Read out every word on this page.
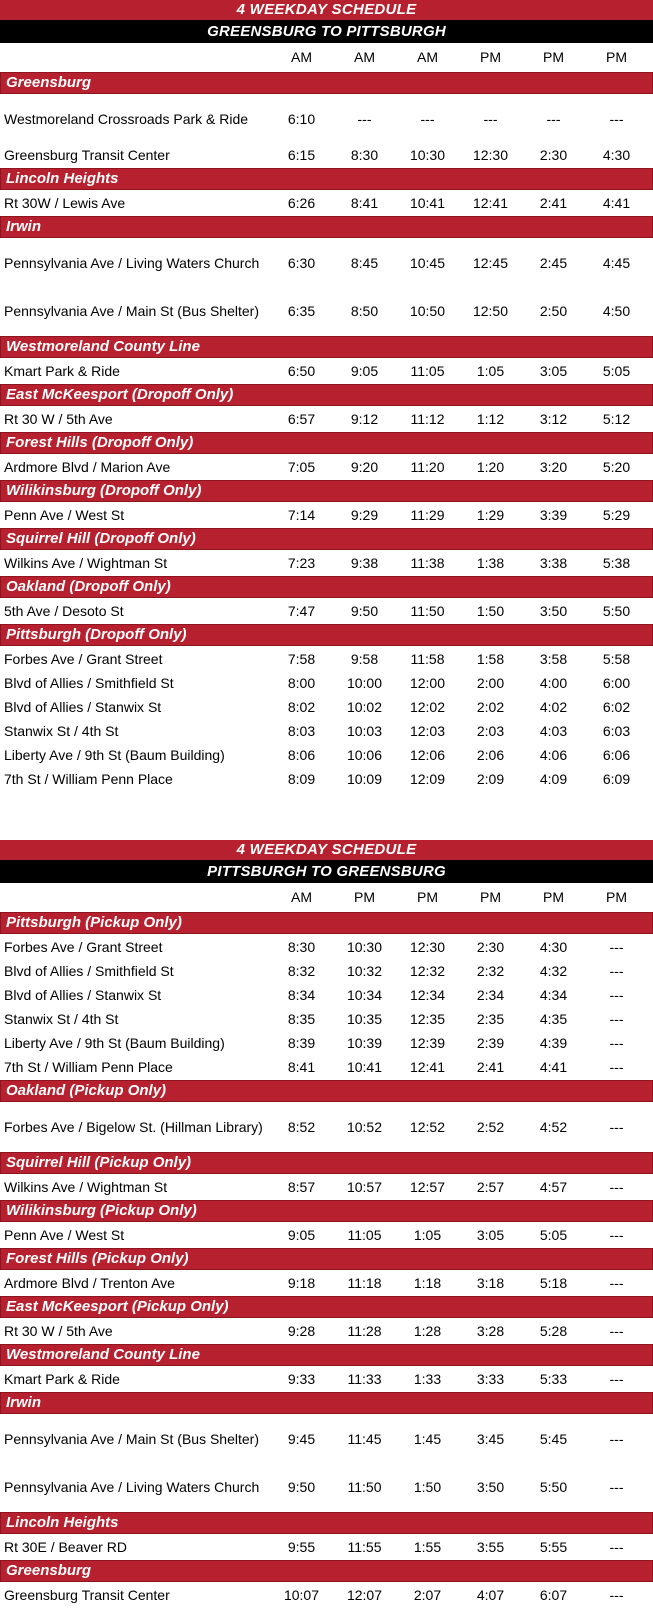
4 WEEKDAY SCHEDULE
GREENSBURG TO PITTSBURGH
AM	AM	AM	PM	PM	PM
Greensburg
Westmoreland Crossroads Park & Ride	6:10	---	---	---	---	---
Greensburg Transit Center	6:15	8:30	10:30	12:30	2:30	4:30
Lincoln Heights
Rt 30W / Lewis Ave	6:26	8:41	10:41	12:41	2:41	4:41
Irwin
Pennsylvania Ave / Living Waters Church	6:30	8:45	10:45	12:45	2:45	4:45
Pennsylvania Ave / Main St (Bus Shelter)	6:35	8:50	10:50	12:50	2:50	4:50
Westmoreland County Line
Kmart Park & Ride	6:50	9:05	11:05	1:05	3:05	5:05
East McKeesport (Dropoff Only)
Rt 30 W / 5th Ave	6:57	9:12	11:12	1:12	3:12	5:12
Forest Hills (Dropoff Only)
Ardmore Blvd / Marion Ave	7:05	9:20	11:20	1:20	3:20	5:20
Wilikinsburg (Dropoff Only)
Penn Ave / West St	7:14	9:29	11:29	1:29	3:39	5:29
Squirrel Hill (Dropoff Only)
Wilkins Ave / Wightman St	7:23	9:38	11:38	1:38	3:38	5:38
Oakland (Dropoff Only)
5th Ave / Desoto St	7:47	9:50	11:50	1:50	3:50	5:50
Pittsburgh (Dropoff Only)
Forbes Ave / Grant Street	7:58	9:58	11:58	1:58	3:58	5:58
Blvd of Allies / Smithfield St	8:00	10:00	12:00	2:00	4:00	6:00
Blvd of Allies / Stanwix St	8:02	10:02	12:02	2:02	4:02	6:02
Stanwix St / 4th St	8:03	10:03	12:03	2:03	4:03	6:03
Liberty Ave / 9th St (Baum Building)	8:06	10:06	12:06	2:06	4:06	6:06
7th St / William Penn Place	8:09	10:09	12:09	2:09	4:09	6:09
4 WEEKDAY SCHEDULE
PITTSBURGH TO GREENSBURG
AM	PM	PM	PM	PM	PM
Pittsburgh (Pickup Only)
Forbes Ave / Grant Street	8:30	10:30	12:30	2:30	4:30	---
Blvd of Allies / Smithfield St	8:32	10:32	12:32	2:32	4:32	---
Blvd of Allies / Stanwix St	8:34	10:34	12:34	2:34	4:34	---
Stanwix St / 4th St	8:35	10:35	12:35	2:35	4:35	---
Liberty Ave / 9th St (Baum Building)	8:39	10:39	12:39	2:39	4:39	---
7th St / William Penn Place	8:41	10:41	12:41	2:41	4:41	---
Oakland (Pickup Only)
Forbes Ave / Bigelow St. (Hillman Library)	8:52	10:52	12:52	2:52	4:52	---
Squirrel Hill (Pickup Only)
Wilkins Ave / Wightman St	8:57	10:57	12:57	2:57	4:57	---
Wilikinsburg (Pickup Only)
Penn Ave / West St	9:05	11:05	1:05	3:05	5:05	---
Forest Hills (Pickup Only)
Ardmore Blvd / Trenton Ave	9:18	11:18	1:18	3:18	5:18	---
East McKeesport (Pickup Only)
Rt 30 W / 5th Ave	9:28	11:28	1:28	3:28	5:28	---
Westmoreland County Line
Kmart Park & Ride	9:33	11:33	1:33	3:33	5:33	---
Irwin
Pennsylvania Ave / Main St (Bus Shelter)	9:45	11:45	1:45	3:45	5:45	---
Pennsylvania Ave / Living Waters Church	9:50	11:50	1:50	3:50	5:50	---
Lincoln Heights
Rt 30E / Beaver RD	9:55	11:55	1:55	3:55	5:55	---
Greensburg
Greensburg Transit Center	10:07	12:07	2:07	4:07	6:07	---
